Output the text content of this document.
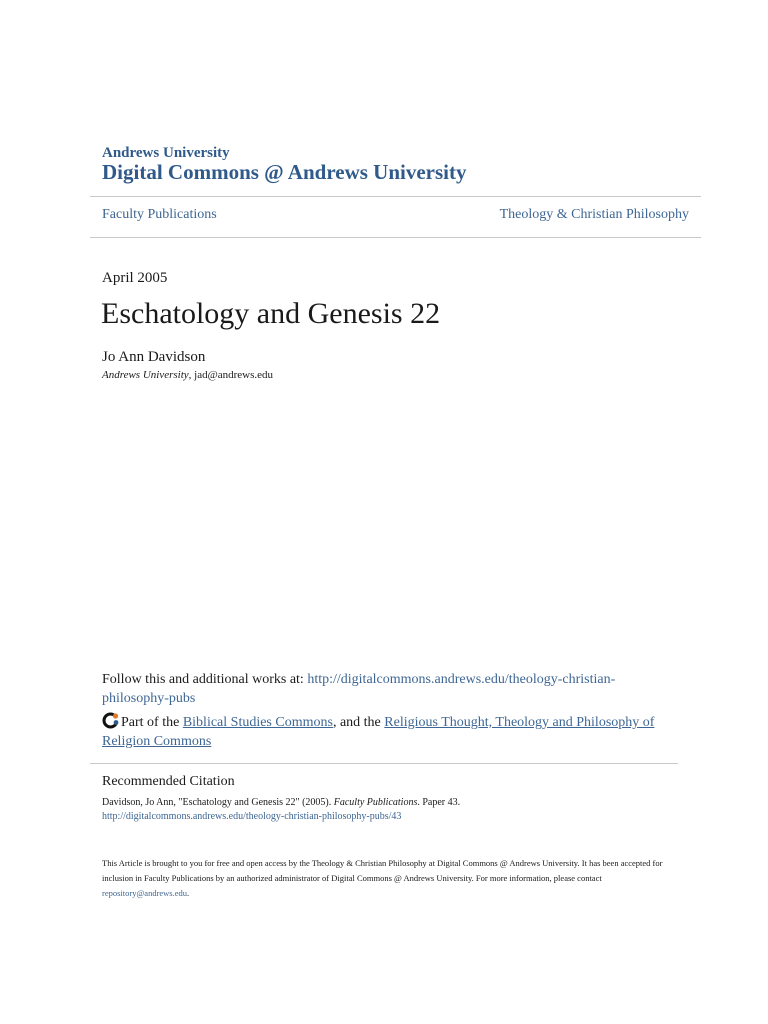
Andrews University
Digital Commons @ Andrews University
Faculty Publications	Theology & Christian Philosophy
April 2005
Eschatology and Genesis 22
Jo Ann Davidson
Andrews University, jad@andrews.edu
Follow this and additional works at: http://digitalcommons.andrews.edu/theology-christian-philosophy-pubs
Part of the Biblical Studies Commons, and the Religious Thought, Theology and Philosophy of Religion Commons
Recommended Citation
Davidson, Jo Ann, "Eschatology and Genesis 22" (2005). Faculty Publications. Paper 43.
http://digitalcommons.andrews.edu/theology-christian-philosophy-pubs/43
This Article is brought to you for free and open access by the Theology & Christian Philosophy at Digital Commons @ Andrews University. It has been accepted for inclusion in Faculty Publications by an authorized administrator of Digital Commons @ Andrews University. For more information, please contact repository@andrews.edu.
